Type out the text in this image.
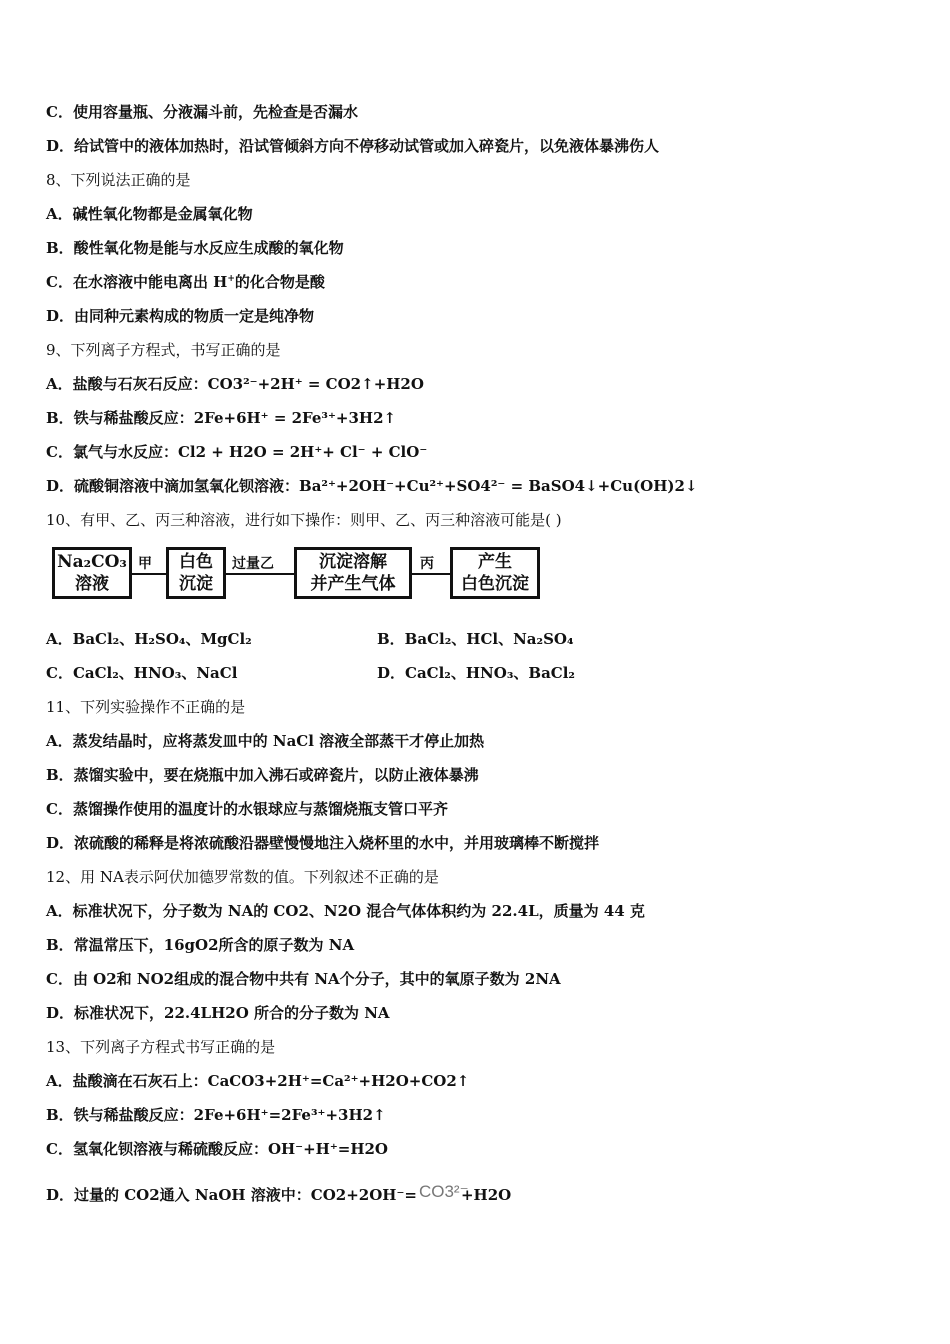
C．使用容量瓶、分液漏斗前，先检查是否漏水
D．给试管中的液体加热时，沿试管倾斜方向不停移动试管或加入碎瓷片，以免液体暴沸伤人
8、下列说法正确的是
A．碱性氧化物都是金属氧化物
B．酸性氧化物是能与水反应生成酸的氧化物
C．在水溶液中能电离出 H+的化合物是酸
D．由同种元素构成的物质一定是纯净物
9、下列离子方程式，书写正确的是
A．盐酸与石灰石反应：CO3²⁻+2H⁺ = CO2↑+H2O
B．铁与稀盐酸反应：2Fe+6H⁺ = 2Fe³⁺+3H2↑
C．氯气与水反应：Cl2 + H2O = 2H⁺+ Cl⁻ + ClO⁻
D．硫酸铜溶液中滴加氢氧化钡溶液：Ba²⁺+2OH⁻+Cu²⁺+SO4²⁻ = BaSO4↓+Cu(OH)2↓
10、有甲、乙、丙三种溶液，进行如下操作：则甲、乙、丙三种溶液可能是( )
Na₂CO₃
溶液
甲	白色
沉淀
过量乙	沉淀溶解
并产生气体
丙	产生
白色沉淀
A．BaCl₂、H₂SO₄、MgCl₂	B．BaCl₂、HCl、Na₂SO₄
C．CaCl₂、HNO₃、NaCl	D．CaCl₂、HNO₃、BaCl₂
11、下列实验操作不正确的是
A．蒸发结晶时，应将蒸发皿中的 NaCl 溶液全部蒸干才停止加热
B．蒸馏实验中，要在烧瓶中加入沸石或碎瓷片，以防止液体暴沸
C．蒸馏操作使用的温度计的水银球应与蒸馏烧瓶支管口平齐
D．浓硫酸的稀释是将浓硫酸沿器壁慢慢地注入烧杯里的水中，并用玻璃棒不断搅拌
12、用 NA表示阿伏加德罗常数的值。下列叙述不正确的是
A．标准状况下，分子数为 NA的 CO2、N2O 混合气体体积约为 22.4L，质量为 44 克
B．常温常压下，16gO2所含的原子数为 NA
C．由 O2和 NO2组成的混合物中共有 NA个分子，其中的氧原子数为 2NA
D．标准状况下，22.4LH2O 所合的分子数为 NA
13、下列离子方程式书写正确的是
A．盐酸滴在石灰石上：CaCO3+2H⁺=Ca²⁺+H2O+CO2↑
B．铁与稀盐酸反应：2Fe+6H⁺=2Fe³⁺+3H2↑
C．氢氧化钡溶液与稀硫酸反应：OH⁻+H⁺=H2O
D．过量的 CO2通入 NaOH 溶液中：CO2+2OH⁻= CO3²⁻
+H2O
